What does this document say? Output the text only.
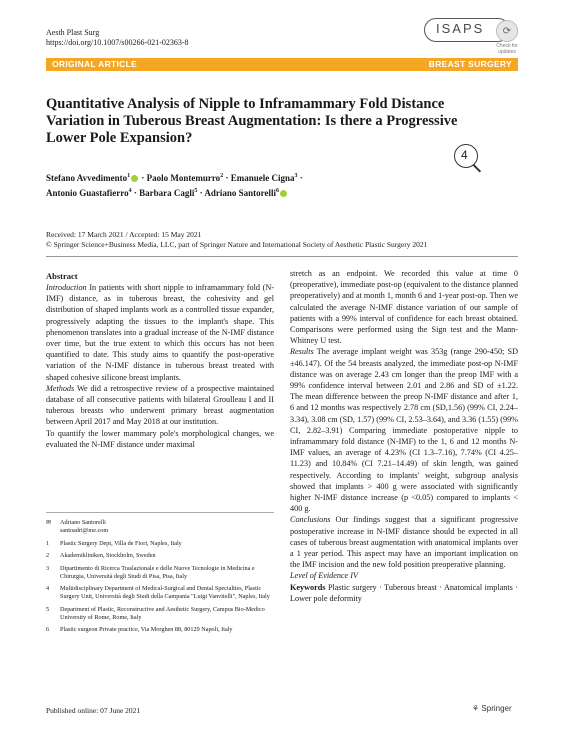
Aesth Plast Surg
https://doi.org/10.1007/s00266-021-02363-8
ISAPS	⟳
Check for updates
ORIGINAL ARTICLE	BREAST SURGERY
Quantitative Analysis of Nipple to Inframammary Fold Distance Variation in Tuberous Breast Augmentation: Is there a Progressive Lower Pole Expansion?
4
Stefano Avvedimento$^1$ · Paolo Montemurro$^2$ · Emanuele Cigna$^3$ ·
Antonio Guastafierro$^4$ · Barbara Cagli$^5$ · Adriano Santorelli$^6$
Received: 17 March 2021 / Accepted: 15 May 2021
© Springer Science+Business Media, LLC, part of Springer Nature and International Society of Aesthetic Plastic Surgery 2021
Abstract

Introduction In patients with short nipple to inframammary fold (N-IMF) distance, as in tuberous breast, the cohesivity and gel distribution of shaped implants work as a controlled tissue expander, progressively adapting the tissues to the implant's shape. This phenomenon translates into a gradual increase of the N-IMF distance over time, but the true extent to which this occurs has not been quantified to date. This study aims to quantify the post-operative variation of the N-IMF distance in tuberous breast treated with shaped cohesive silicone breast implants.

Methods We did a retrospective review of a prospective maintained database of all consecutive patients with bilateral Groulleau I and II tuberous breasts who underwent primary breast augmentation between April 2017 and May 2018 at our institution.

To quantify the lower mammary pole's morphological changes, we evaluated the N-IMF distance under maximal

✉	Adriano Santorelli
santoadri@me.com
1	Plastic Surgery Dept, Villa de Fiori, Naples, Italy
2	Akademikliniken, Stockholm, Sweden
3	Dipartimento di Ricerca Traslazionale e delle Nuove Tecnologie in Medicina e Chirurgia, Università degli Studi di Pisa, Pisa, Italy
4	Multidisciplinary Department of Medical-Surgical and Dental Specialties, Plastic Surgery Unit, Università degli Studi della Campania "Luigi Vanvitelli", Naples, Italy
5	Department of Plastic, Reconstructive and Aesthetic Surgery, Campus Bio-Medico University of Rome, Rome, Italy
6	Plastic surgeon Private practice, Via Morghen 88, 80129 Napoli, Italy

stretch as an endpoint. We recorded this value at time 0 (preoperative), immediate post-op (equivalent to the distance planned preoperatively) and at month 1, month 6 and 1-year post-op. Then we calculated the average N-IMF distance variation of our sample of patients with a 99% interval of confidence for each breast obtained. Comparisons were performed using the Sign test and the Mann-Whitney U test.

Results The average implant weight was 353g (range 290-450; SD ±46.147). Of the 54 breasts analyzed, the immediate post-op N-IMF distance was on average 2.43 cm longer than the preop IMF with a 99% confidence interval between 2.01 and 2.86 and SD of ±1.22. The mean difference between the preop N-IMF distance and after 1, 6 and 12 months was respectively 2.78 cm (SD,1.56) (99% CI, 2.24–3.34), 3.08 cm (SD, 1.57) (99% CI, 2.53–3.64), and 3.36 (1.55) (99% CI, 2.82–3.91) Comparing immediate postoperative nipple to inframammary fold distance (N-IMF) to the 1, 6 and 12 months N-IMF values, an average of 4.23% (CI 1.3–7.16), 7.74% (CI 4.25–11.23) and 10.84% (CI 7.21–14.49) of skin length, was gained respectively. According to implants' weight, subgroup analysis showed that implants > 400 g were associated with significantly higher N-IMF distance increase (p <0.05) compared to implants < 400 g.

Conclusions Our findings suggest that a significant progressive postoperative increase in N-IMF distance should be expected in all cases of tuberous breast augmentation with anatomical implants over a 1 year period. This aspect may have an important implication on the IMF incision and the new fold position preoperative planning.

Level of Evidence IV

Keywords Plastic surgery · Tuberous breast · Anatomical implants · Lower pole deformity

Published online: 07 June 2021	⚘ Springer
